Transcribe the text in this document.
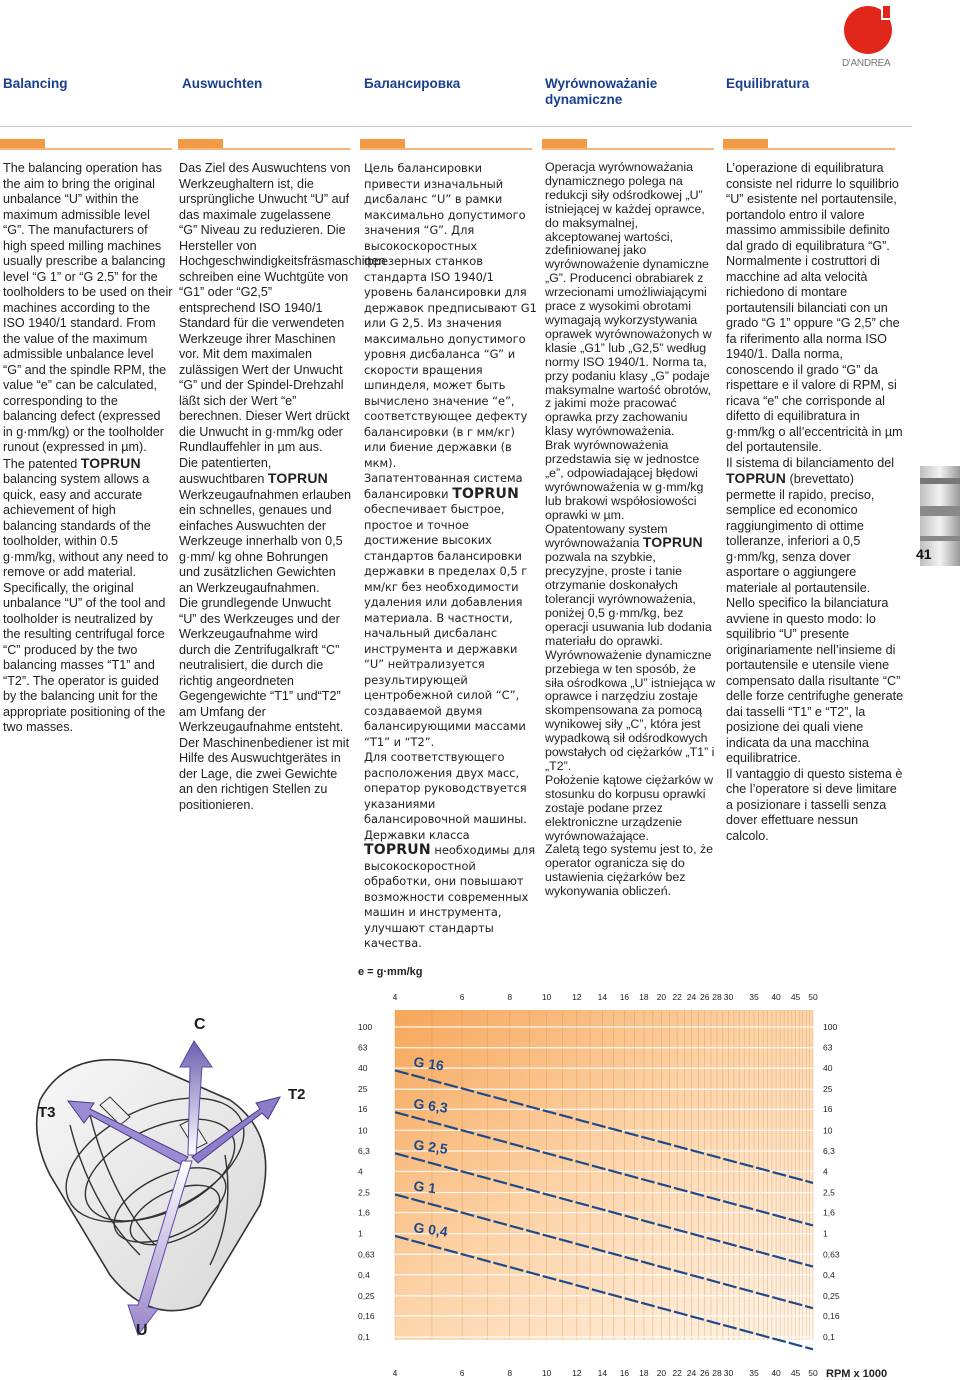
D'ANDREA
Balancing	Auswuchten	Балансировка	Wyrównoważanie dynamiczne
Equilibratura

The balancing operation has the aim to bring the original unbalance “U” within the maximum admissible level “G”. The manufacturers of high speed milling machines usually prescribe a balancing level “G 1” or “G 2.5” for the toolholders to be used on their machines according to the ISO 1940/1 standard. From the value of the maximum admissible unbalance level “G” and the spindle RPM, the value “e” can be calculated, corresponding to the balancing defect (expressed in g·mm/kg) or the toolholder runout (expressed in µm).

The patented TOPRUN balancing system allows a quick, easy and accurate achievement of high balancing standards of the toolholder, within 0.5 g·mm/kg, without any need to remove or add material.

Specifically, the original unbalance “U” of the tool and toolholder is neutralized by the resulting centrifugal force “C” produced by the two balancing masses “T1” and “T2”. The operator is guided by the balancing unit for the appropriate positioning of the two masses.

Das Ziel des Auswuchtens von Werkzeughaltern ist, die ursprüngliche Unwucht “U” auf das maximale zugelassene “G” Niveau zu reduzieren. Die Hersteller von Hochgeschwindigkeitsfräsmaschinen schreiben eine Wuchtgüte von “G1” oder “G2,5” entsprechend ISO 1940/1 Standard für die verwendeten Werkzeuge ihrer Maschinen vor. Mit dem maximalen zulässigen Wert der Unwucht “G” und der Spindel-Drehzahl läßt sich der Wert “e” berechnen. Dieser Wert drückt die Unwucht in g·mm/kg oder Rundlauffehler in µm aus.

Die patentierten, auswuchtbaren TOPRUN Werkzeugaufnahmen erlauben ein schnelles, genaues und einfaches Auswuchten der Werkzeuge innerhalb von 0,5 g·mm/ kg ohne Bohrungen und zusätzlichen Gewichten an Werkzeugaufnahmen.

Die grundlegende Unwucht “U” des Werkzeuges und der Werkzeugaufnahme wird durch die Zentrifugalkraft “C” neutralisiert, die durch die richtig angeordneten Gegengewichte “T1” und“T2” am Umfang der Werkzeugaufnahme entsteht.

Der Maschinenbediener ist mit Hilfe des Auswuchtgerätes in der Lage, die zwei Gewichte an den richtigen Stellen zu positionieren.

Цель балансировки привести изначальный дисбаланс “U” в рамки максимально допустимого значения “G”. Для высокоскоростных фрезерных станков стандарта ISO 1940/1 уровень балансировки для державок предписывают G1 или G 2,5. Из значения максимально допустимого уровня дисбаланса “G” и скорости вращения шпинделя, может быть вычислено значение “е”, соответствующее дефекту балансировки (в г мм/кг) или биение державки (в мкм).

Запатентованная система балансировки TOPRUN обеспечивает быстрое, простое и точное достижение высоких стандартов балансировки державки в пределах 0,5 г мм/кг без необходимости удаления или добавления материала. В частности, начальный дисбаланс инструмента и державки “U” нейтрализуется результирующей центробежной силой “C”, создаваемой двумя балансирующими массами “Т1” и “Т2”.

Для соответствующего расположения двух масс, оператор руководствуется указаниями балансировочной машины. Державки класса TOPRUN необходимы для высокоскоростной обработки, они повышают возможности современных машин и инструмента, улучшают стандарты качества.

Operacja wyrównoważania dynamicznego polega na redukcji siły odśrodkowej „U” istniejącej w każdej oprawce, do maksymalnej, akceptowanej wartości, zdefiniowanej jako wyrównoważenie dynamiczne „G”. Producenci obrabiarek z wrzecionami umożliwiającymi prace z wysokimi obrotami wymagają wykorzystywania oprawek wyrównoważonych w klasie „G1” lub „G2,5” według normy ISO 1940/1. Norma ta, przy podaniu klasy „G” podaje maksymalne wartość obrotów, z jakimi może pracować oprawka przy zachowaniu klasy wyrównoważenia.

Brak wyrównoważenia przedstawia się w jednostce „e”, odpowiadającej błędowi wyrównoważenia w g·mm/kg lub brakowi współosiowości oprawki w µm.

Opatentowany system wyrównoważania TOPRUN pozwala na szybkie, precyzyjne, proste i tanie otrzymanie doskonałych tolerancji wyrównoważenia, poniżej 0,5 g·mm/kg, bez operacji usuwania lub dodania materiału do oprawki.

Wyrównoważenie dynamiczne przebiega w ten sposób, że siła ośrodkowa „U” istniejąca w oprawce i narzędziu zostaje skompensowana za pomocą wynikowej siły „C”, która jest wypadkową sił odśrodkowych powstałych od ciężarków „T1” i „T2”.

Położenie kątowe ciężarków w stosunku do korpusu oprawki zostaje podane przez elektroniczne urządzenie wyrównoważające.

Zaletą tego systemu jest to, że operator ogranicza się do ustawienia ciężarków bez wykonywania obliczeń.

L’operazione di equilibratura consiste nel ridurre lo squilibrio “U” esistente nel portautensile, portandolo entro il valore massimo ammissibile definito dal grado di equilibratura “G”. Normalmente i costruttori di macchine ad alta velocità richiedono di montare portautensili bilanciati con un grado “G 1” oppure “G 2,5” che fa riferimento alla norma ISO 1940/1. Dalla norma, conoscendo il grado “G” da rispettare e il valore di RPM, si ricava “e” che corrisponde al difetto di equilibratura in g·mm/kg o all’eccentricità in µm del portautensile.

Il sistema di bilanciamento del TOPRUN (brevettato) permette il rapido, preciso, semplice ed economico raggiungimento di ottime tolleranze, inferiori a 0,5 g·mm/kg, senza dover asportare o aggiungere materiale al portautensile.

Nello specifico la bilanciatura avviene in questo modo: lo squilibrio “U” presente originariamente nell’insieme di portautensile e utensile viene compensato dalla risultante “C” delle forze centrifughe generate dai tasselli “T1” e “T2”, la posizione dei quali viene indicata da una macchina equilibratrice.

Il vantaggio di questo sistema è che l’operatore si deve limitare a posizionare i tasselli senza dover effettuare nessun calcolo.

41
C
T2
T3
U
e = g·mm/kg
RPM x 1000
4
4
6
6
8
8
10
10
12
12
14
14
16
16
18
18
20
20
22
22
24
24
26
26
28
28
30
30
35
35
40
40
45
45
50
50
100	100
63	63
40	40
25	25
16	16
10	10
6,3	6,3
4	4
2,5	2,5
1,6	1,6
1	1
0,63	0,63
0,4	0,4
0,25	0,25
0,16	0,16
0,1	0,1
G 16
G 6,3
G 2,5
G 1
G 0,4
